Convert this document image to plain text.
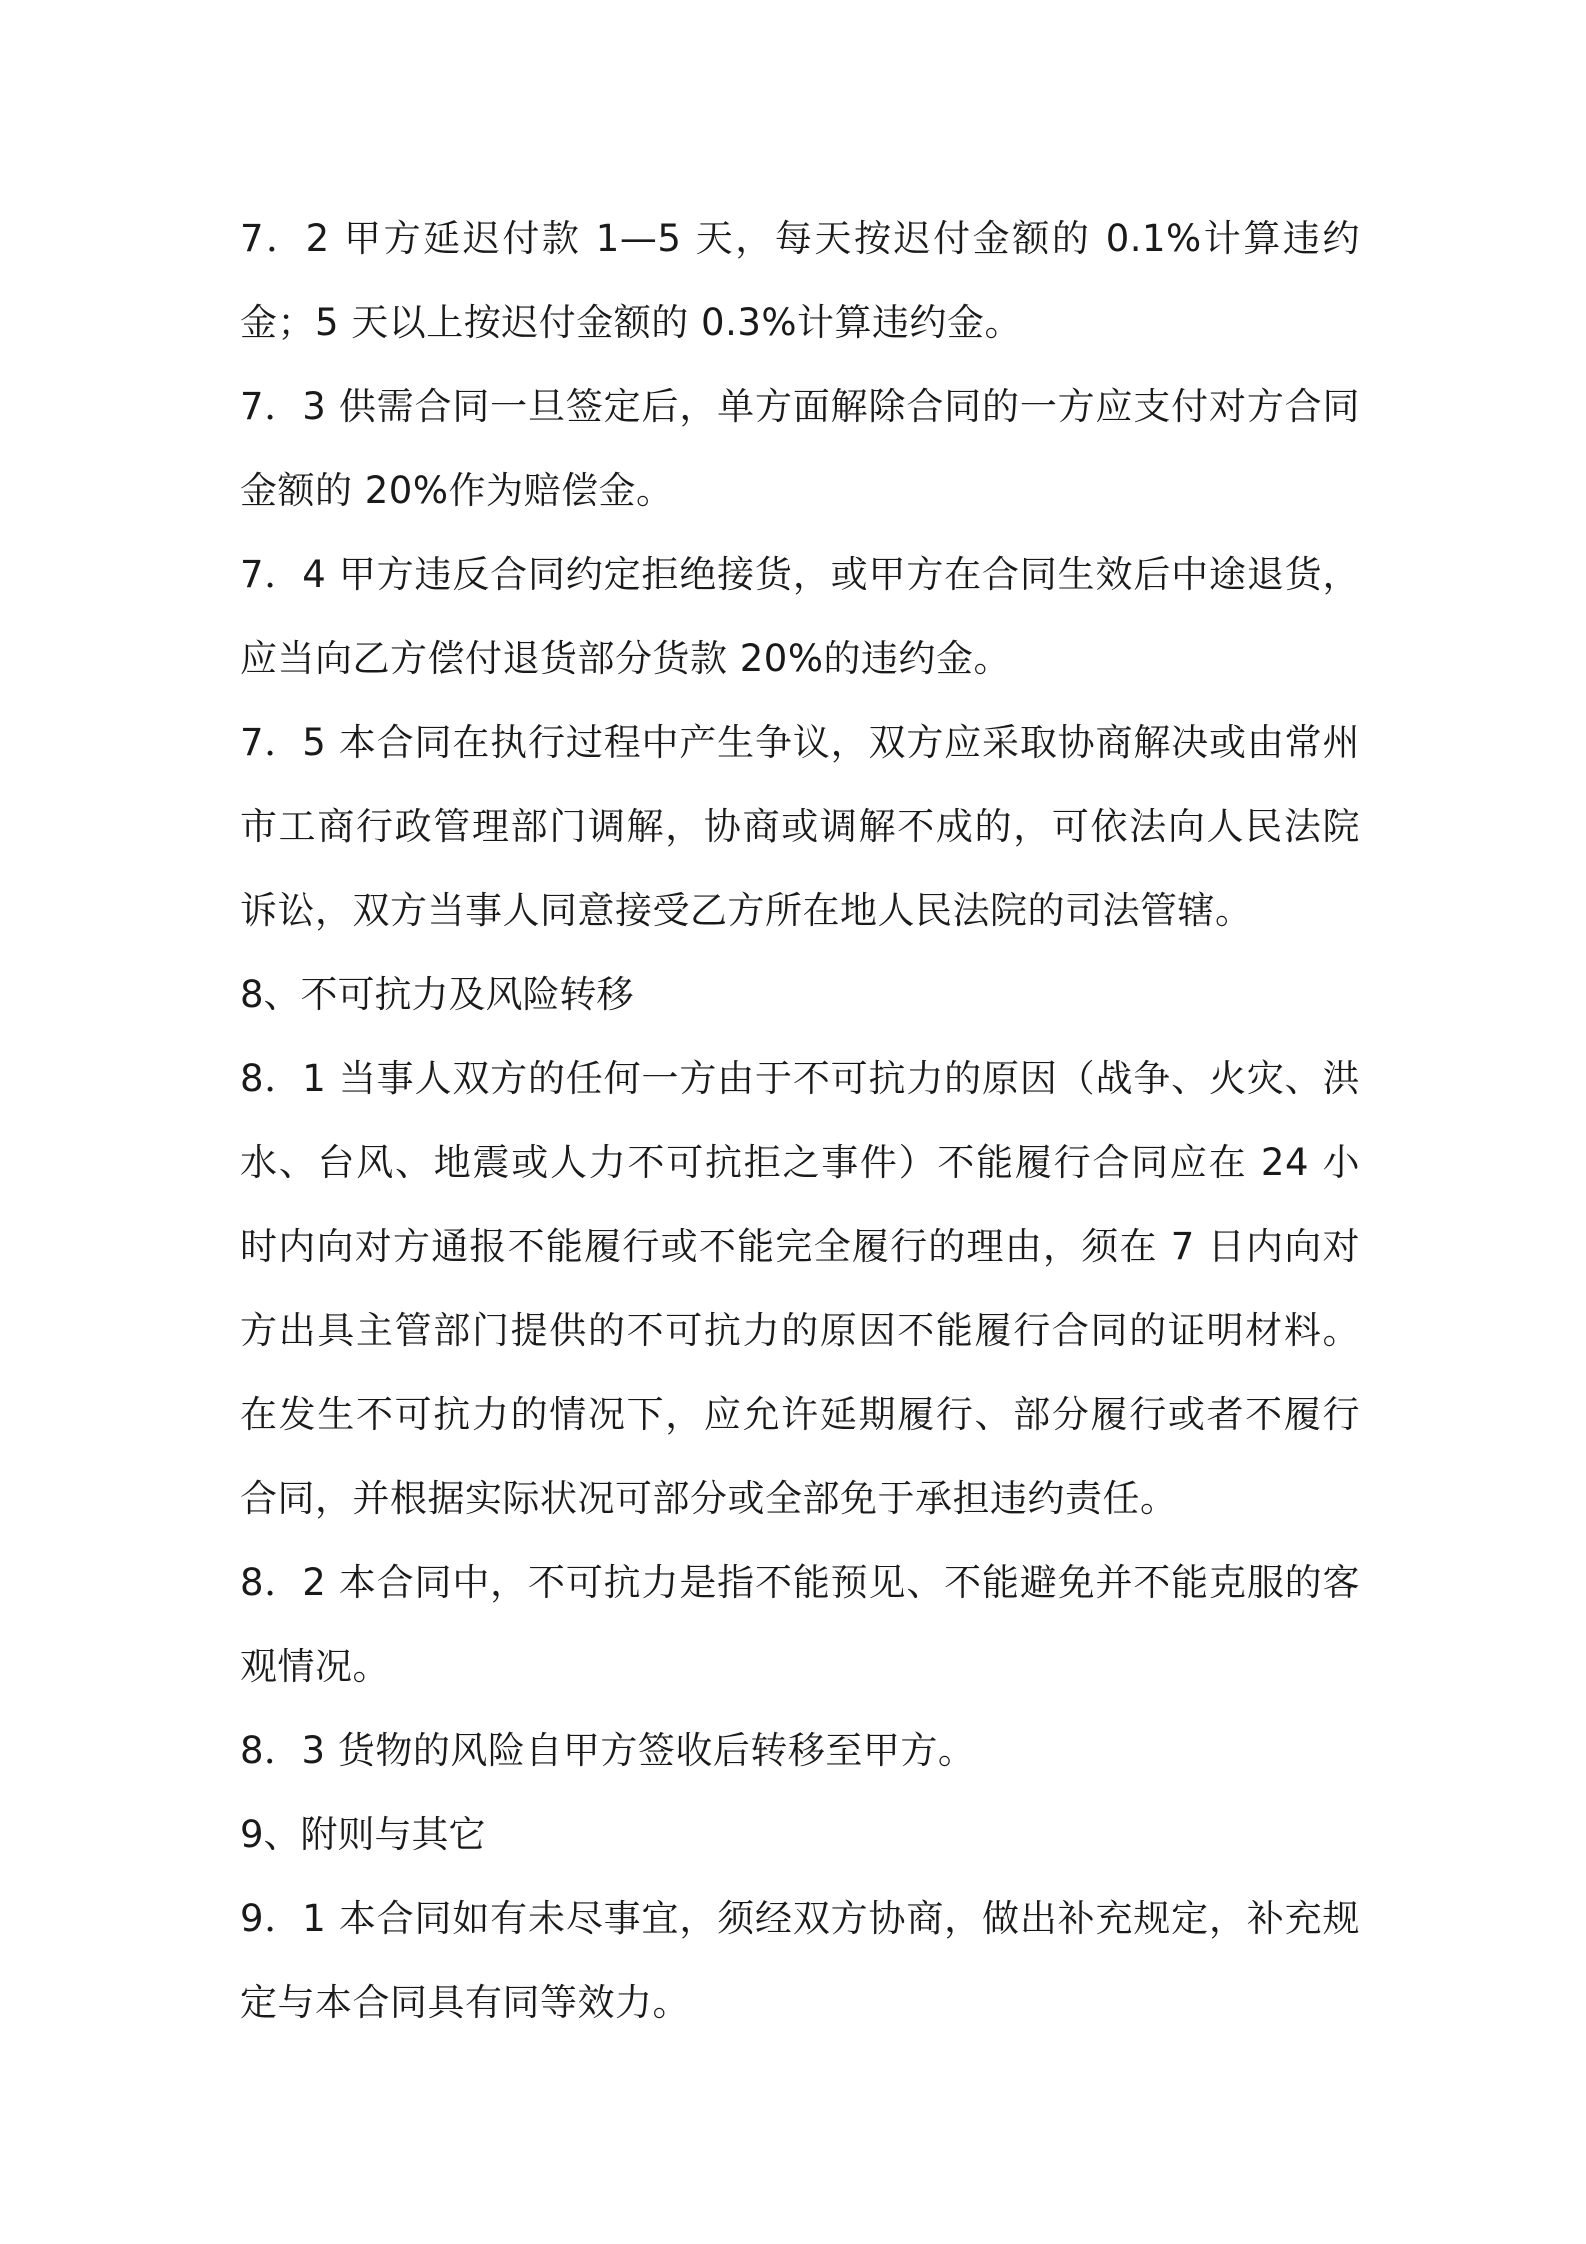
7．2 甲方延迟付款 1—5 天，每天按迟付金额的 0.1%计算违约金；5 天以上按迟付金额的 0.3%计算违约金。

7．3 供需合同一旦签定后，单方面解除合同的一方应支付对方合同金额的 20%作为赔偿金。

7．4 甲方违反合同约定拒绝接货，或甲方在合同生效后中途退货，应当向乙方偿付退货部分货款 20%的违约金。

7．5 本合同在执行过程中产生争议，双方应采取协商解决或由常州市工商行政管理部门调解，协商或调解不成的，可依法向人民法院诉讼，双方当事人同意接受乙方所在地人民法院的司法管辖。

8、不可抗力及风险转移

8．1 当事人双方的任何一方由于不可抗力的原因（战争、火灾、洪水、台风、地震或人力不可抗拒之事件）不能履行合同应在 24 小时内向对方通报不能履行或不能完全履行的理由，须在 7 日内向对方出具主管部门提供的不可抗力的原因不能履行合同的证明材料。在发生不可抗力的情况下，应允许延期履行、部分履行或者不履行合同，并根据实际状况可部分或全部免于承担违约责任。

8．2 本合同中，不可抗力是指不能预见、不能避免并不能克服的客观情况。

8．3 货物的风险自甲方签收后转移至甲方。

9、附则与其它

9．1 本合同如有未尽事宜，须经双方协商，做出补充规定，补充规定与本合同具有同等效力。
